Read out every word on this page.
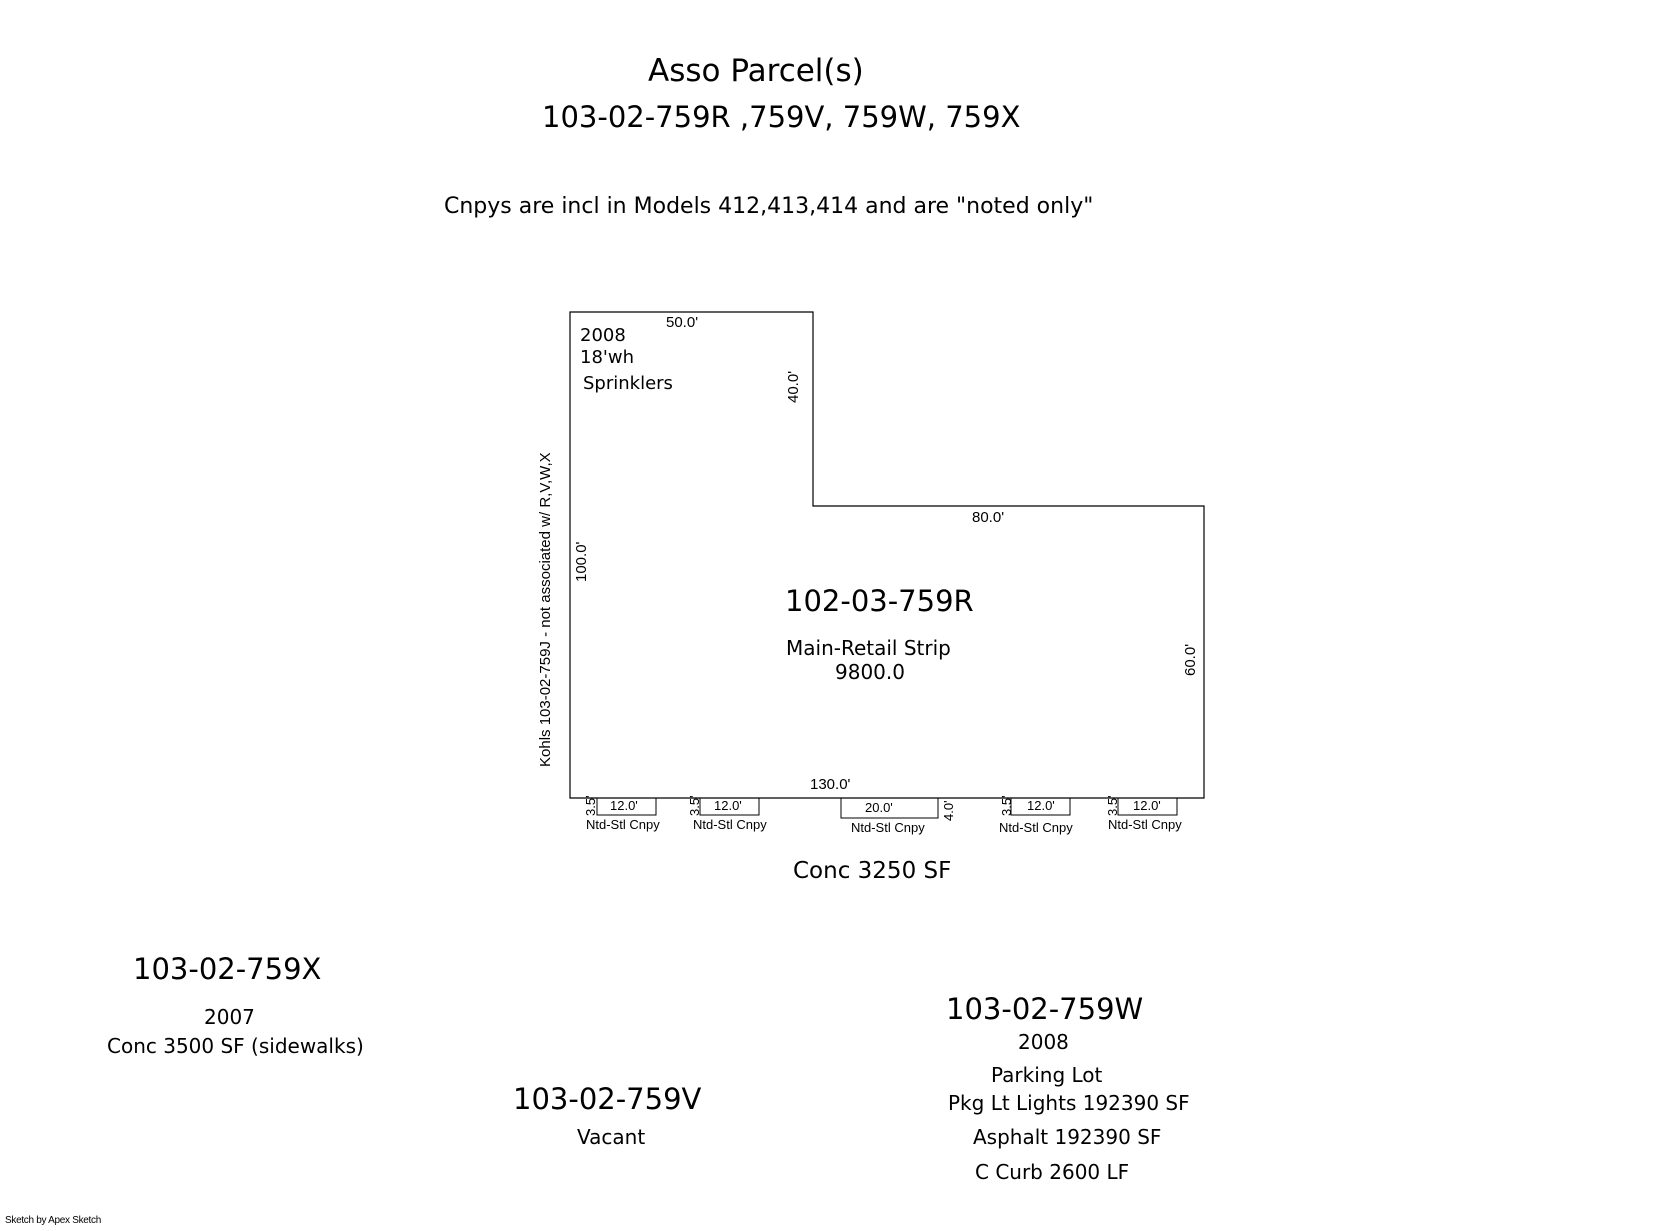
Asso Parcel(s)
103-02-759R ,759V, 759W, 759X
Cnpys are incl in Models 412,413,414 and are "noted only"
2008
18'wh
Sprinklers
50.0'
40.0'
80.0'
100.0'
60.0'
130.0'
Kohls 103-02-759J - not associated w/ R,V,W,X	102-03-759R
Main-Retail Strip
9800.0
12.0'
3.5'
Ntd-Stl Cnpy
12.0'
3.5'
Ntd-Stl Cnpy
20.0'	4.0'
Ntd-Stl Cnpy
12.0'
3.5'
Ntd-Stl Cnpy
12.0'
3.5'
Ntd-Stl Cnpy
Conc 3250 SF
103-02-759X
2007
Conc 3500 SF (sidewalks)
103-02-759V
Vacant
103-02-759W
2008
Parking Lot
Pkg Lt Lights 192390 SF
Asphalt 192390 SF
C Curb 2600 LF
Sketch by Apex Sketch
